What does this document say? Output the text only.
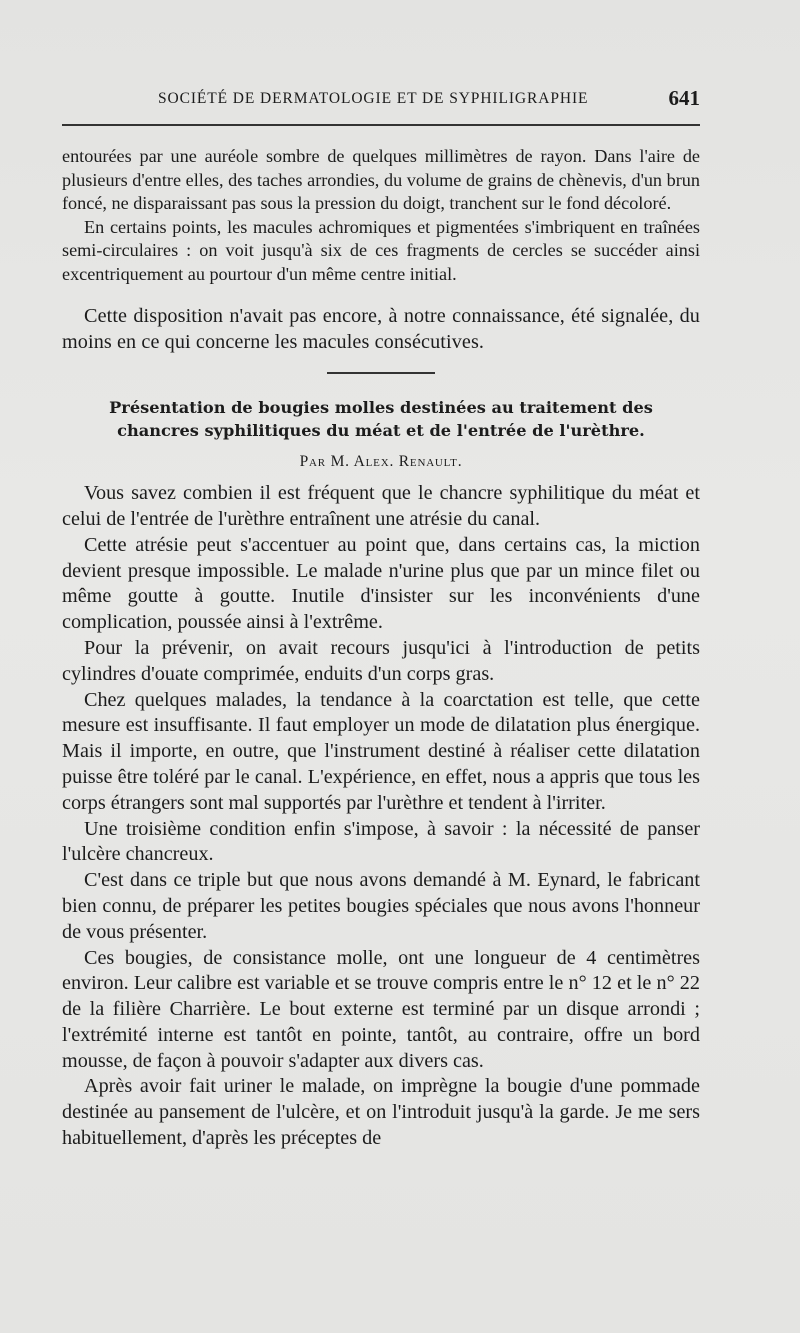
SOCIÉTÉ DE DERMATOLOGIE ET DE SYPHILIGRAPHIE	641

entourées par une auréole sombre de quelques millimètres de rayon. Dans l'aire de plusieurs d'entre elles, des taches arrondies, du volume de grains de chènevis, d'un brun foncé, ne disparaissant pas sous la pression du doigt, tranchent sur le fond décoloré.

En certains points, les macules achromiques et pigmentées s'imbriquent en traînées semi-circulaires : on voit jusqu'à six de ces fragments de cercles se succéder ainsi excentriquement au pourtour d'un même centre initial.

Cette disposition n'avait pas encore, à notre connaissance, été signalée, du moins en ce qui concerne les macules consécutives.

Présentation de bougies molles destinées au traitement des chancres syphilitiques du méat et de l'entrée de l'urèthre.
Par M. Alex. Renault.

Vous savez combien il est fréquent que le chancre syphilitique du méat et celui de l'entrée de l'urèthre entraînent une atrésie du canal.

Cette atrésie peut s'accentuer au point que, dans certains cas, la miction devient presque impossible. Le malade n'urine plus que par un mince filet ou même goutte à goutte. Inutile d'insister sur les inconvénients d'une complication, poussée ainsi à l'extrême.

Pour la prévenir, on avait recours jusqu'ici à l'introduction de petits cylindres d'ouate comprimée, enduits d'un corps gras.

Chez quelques malades, la tendance à la coarctation est telle, que cette mesure est insuffisante. Il faut employer un mode de dilatation plus énergique. Mais il importe, en outre, que l'instrument destiné à réaliser cette dilatation puisse être toléré par le canal. L'expérience, en effet, nous a appris que tous les corps étrangers sont mal supportés par l'urèthre et tendent à l'irriter.

Une troisième condition enfin s'impose, à savoir : la nécessité de panser l'ulcère chancreux.

C'est dans ce triple but que nous avons demandé à M. Eynard, le fabricant bien connu, de préparer les petites bougies spéciales que nous avons l'honneur de vous présenter.

Ces bougies, de consistance molle, ont une longueur de 4 centimètres environ. Leur calibre est variable et se trouve compris entre le n° 12 et le n° 22 de la filière Charrière. Le bout externe est terminé par un disque arrondi ; l'extrémité interne est tantôt en pointe, tantôt, au contraire, offre un bord mousse, de façon à pouvoir s'adapter aux divers cas.

Après avoir fait uriner le malade, on imprègne la bougie d'une pommade destinée au pansement de l'ulcère, et on l'introduit jusqu'à la garde. Je me sers habituellement, d'après les préceptes de
